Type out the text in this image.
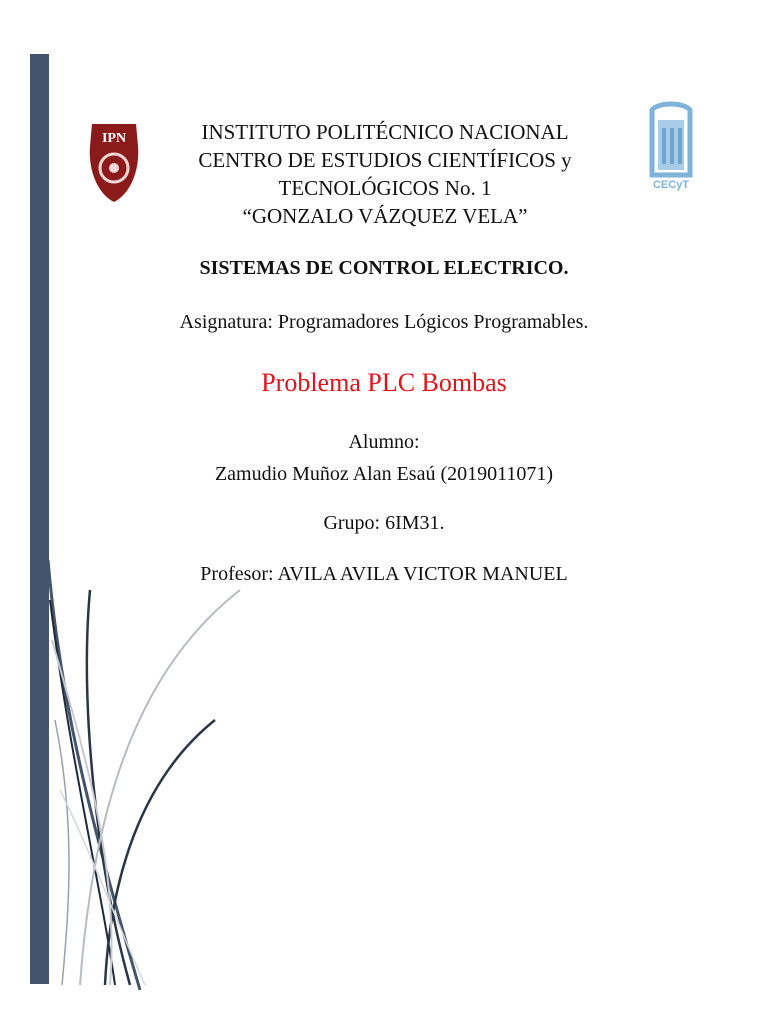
IPN
CECyT
INSTITUTO POLITÉCNICO NACIONAL
CENTRO DE ESTUDIOS CIENTÍFICOS y
TECNOLÓGICOS No. 1
“GONZALO VÁZQUEZ VELA”
SISTEMAS DE CONTROL ELECTRICO.
Asignatura: Programadores Lógicos Programables.
Problema PLC Bombas
Alumno:
Zamudio Muñoz Alan Esaú (2019011071)
Grupo: 6IM31.
Profesor: AVILA AVILA VICTOR MANUEL
